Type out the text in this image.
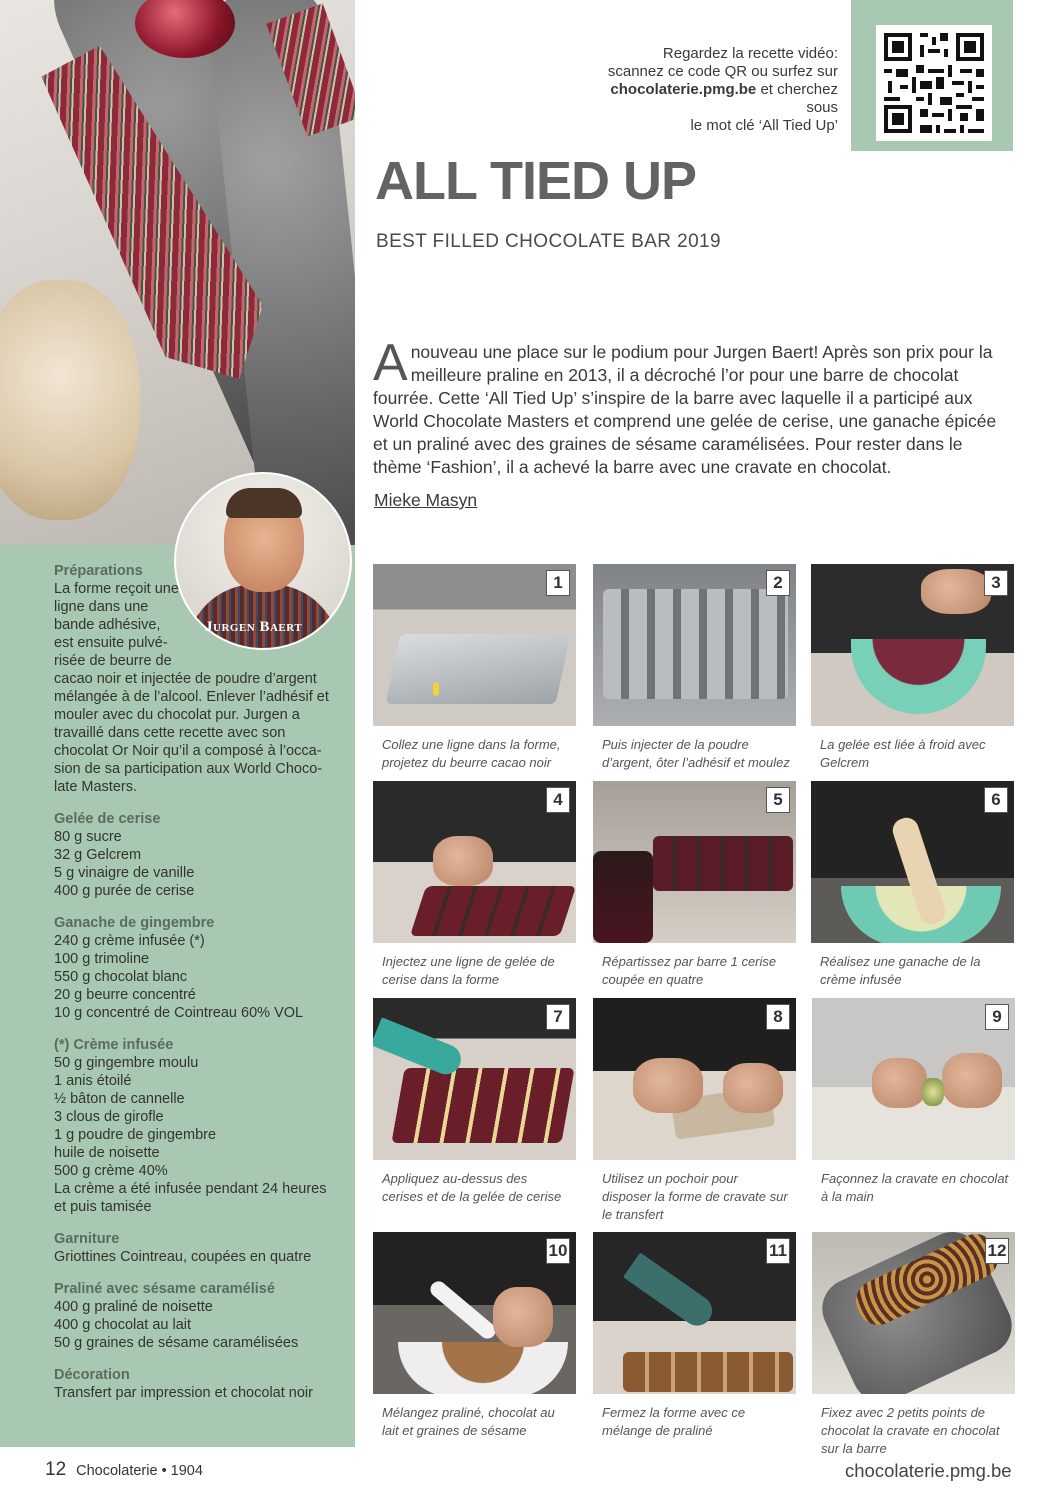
Jurgen Baert
Préparations
La forme reçoit une
ligne dans une
bande adhésive,
est ensuite pulvé-
risée de beurre de
cacao noir et injectée de poudre d’argent
mélangée à de l’alcool. Enlever l’adhésif et
mouler avec du chocolat pur. Jurgen a
travaillé dans cette recette avec son
chocolat Or Noir qu’il a composé à l’occa-
sion de sa participation aux World Choco-
late Masters.
Gelée de cerise
80 g sucre
32 g Gelcrem
5 g vinaigre de vanille
400 g purée de cerise
Ganache de gingembre
240 g crème infusée (*)
100 g trimoline
550 g chocolat blanc
20 g beurre concentré
10 g concentré de Cointreau 60% VOL
(*) Crème infusée
50 g gingembre moulu
1 anis étoilé
½ bâton de cannelle
3 clous de girofle
1 g poudre de gingembre
huile de noisette
500 g crème 40%
La crème a été infusée pendant 24 heures
et puis tamisée
Garniture
Griottines Cointreau, coupées en quatre
Praliné avec sésame caramélisé
400 g praliné de noisette
400 g chocolat au lait
50 g graines de sésame caramélisées
Décoration
Transfert par impression et chocolat noir
Regardez la recette vidéo:
scannez ce code QR ou surfez sur
chocolaterie.pmg.be et cherchez sous
le mot clé ‘All Tied Up’
ALL TIED UP
BEST FILLED CHOCOLATE BAR 2019
Anouveau une place sur le podium pour Jurgen Baert! Après son prix pour la meilleure praline en 2013, il a décroché l’or pour une barre de chocolat fourrée. Cette ‘All Tied Up’ s’inspire de la barre avec laquelle il a participé aux World Chocolate Masters et comprend une gelée de cerise, une ganache épicée et un praliné avec des graines de sésame caramélisées. Pour rester dans le thème ‘Fashion’, il a achevé la barre avec une cravate en chocolat.
Mieke Masyn
1
Collez une ligne dans la forme, projetez du beurre cacao noir
2
Puis injecter de la poudre d’argent, ôter l’adhésif et moulez
3
La gelée est liée à froid avec Gelcrem
4
Injectez une ligne de gelée de cerise dans la forme
5
Répartissez par barre 1 cerise coupée en quatre
6
Réalisez une ganache de la crème infusée
7
Appliquez au-dessus des cerises et de la gelée de cerise
8
Utilisez un pochoir pour disposer la forme de cravate sur le transfert
9
Façonnez la cravate en chocolat à la main
10
Mélangez praliné, chocolat au lait et graines de sésame
11
Fermez la forme avec ce mélange de praliné
12
Fixez avec 2 petits points de chocolat la cravate en chocolat sur la barre
12 Chocolaterie • 1904	chocolaterie.pmg.be
